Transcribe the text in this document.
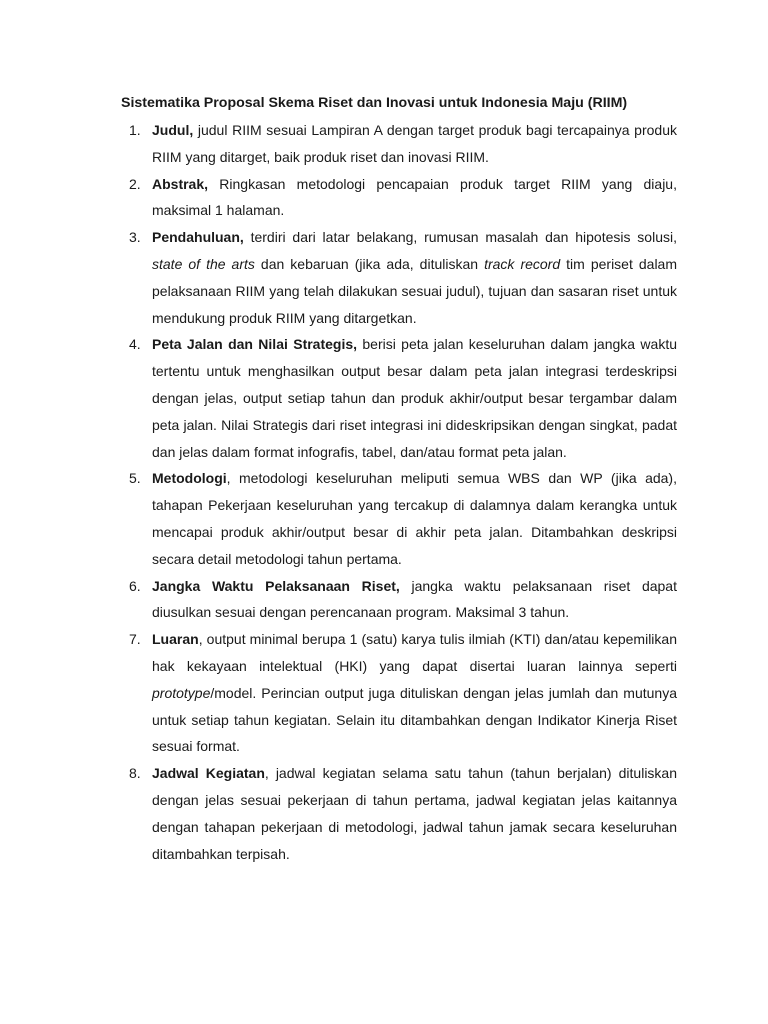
Sistematika Proposal Skema Riset dan Inovasi untuk Indonesia Maju (RIIM)
1. Judul, judul RIIM sesuai Lampiran A dengan target produk bagi tercapainya produk RIIM yang ditarget, baik produk riset dan inovasi RIIM.
2. Abstrak, Ringkasan metodologi pencapaian produk target RIIM yang diaju, maksimal 1 halaman.
3. Pendahuluan, terdiri dari latar belakang, rumusan masalah dan hipotesis solusi, state of the arts dan kebaruan (jika ada, dituliskan track record tim periset dalam pelaksanaan RIIM yang telah dilakukan sesuai judul), tujuan dan sasaran riset untuk mendukung produk RIIM yang ditargetkan.
4. Peta Jalan dan Nilai Strategis, berisi peta jalan keseluruhan dalam jangka waktu tertentu untuk menghasilkan output besar dalam peta jalan integrasi terdeskripsi dengan jelas, output setiap tahun dan produk akhir/output besar tergambar dalam peta jalan. Nilai Strategis dari riset integrasi ini dideskripsikan dengan singkat, padat dan jelas dalam format infografis, tabel, dan/atau format peta jalan.
5. Metodologi, metodologi keseluruhan meliputi semua WBS dan WP (jika ada), tahapan Pekerjaan keseluruhan yang tercakup di dalamnya dalam kerangka untuk mencapai produk akhir/output besar di akhir peta jalan. Ditambahkan deskripsi secara detail metodologi tahun pertama.
6. Jangka Waktu Pelaksanaan Riset, jangka waktu pelaksanaan riset dapat diusulkan sesuai dengan perencanaan program. Maksimal 3 tahun.
7. Luaran, output minimal berupa 1 (satu) karya tulis ilmiah (KTI) dan/atau kepemilikan hak kekayaan intelektual (HKI) yang dapat disertai luaran lainnya seperti prototype/model. Perincian output juga dituliskan dengan jelas jumlah dan mutunya untuk setiap tahun kegiatan. Selain itu ditambahkan dengan Indikator Kinerja Riset sesuai format.
8. Jadwal Kegiatan, jadwal kegiatan selama satu tahun (tahun berjalan) dituliskan dengan jelas sesuai pekerjaan di tahun pertama, jadwal kegiatan jelas kaitannya dengan tahapan pekerjaan di metodologi, jadwal tahun jamak secara keseluruhan ditambahkan terpisah.
